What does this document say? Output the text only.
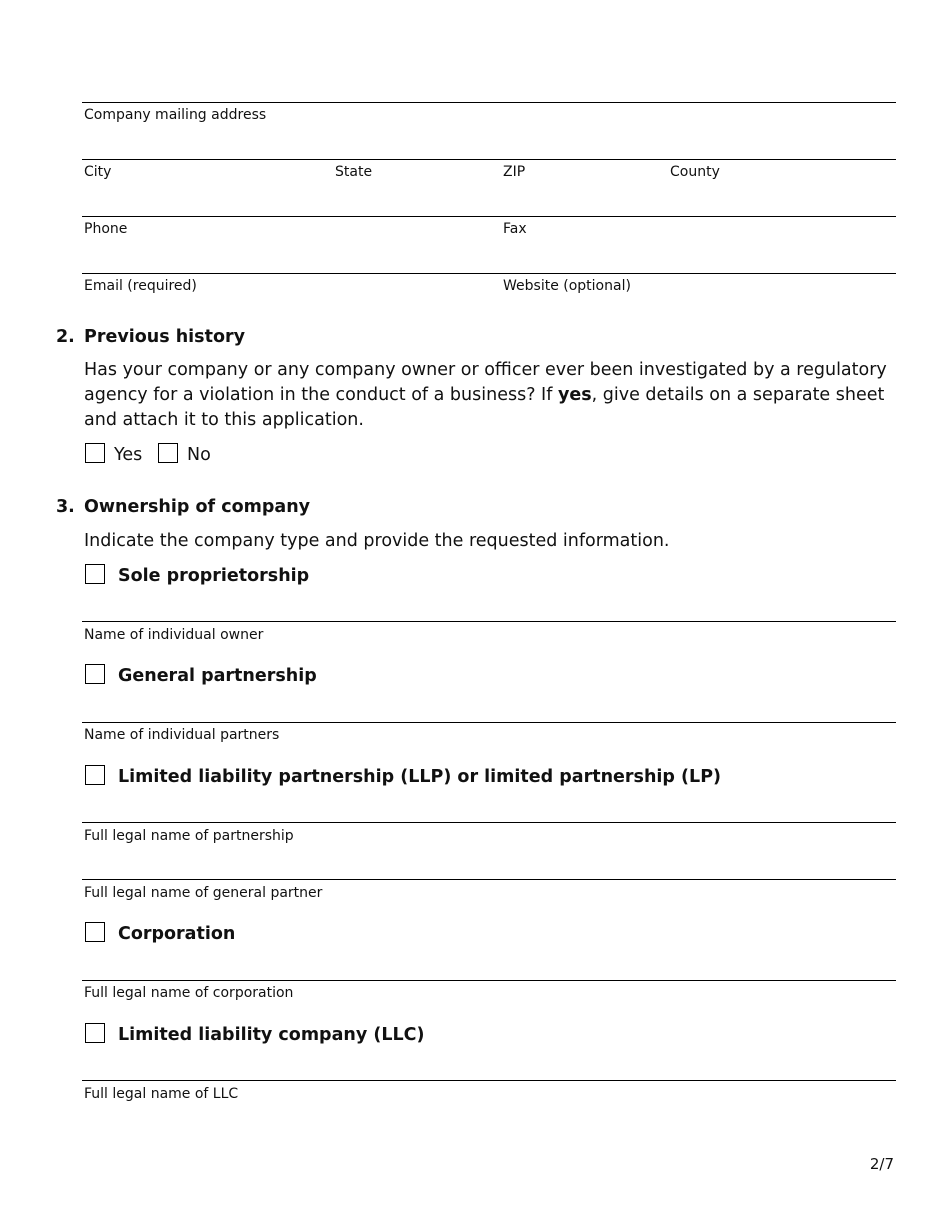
Company mailing address
City	State	ZIP	County
Phone	Fax
Email (required)	Website (optional)
2. Previous history
Has your company or any company owner or officer ever been investigated by a regulatory agency for a violation in the conduct of a business? If yes, give details on a separate sheet and attach it to this application.
Yes	No
3. Ownership of company
Indicate the company type and provide the requested information.
Sole proprietorship
Name of individual owner
General partnership
Name of individual partners
Limited liability partnership (LLP) or limited partnership (LP)
Full legal name of partnership
Full legal name of general partner
Corporation
Full legal name of corporation
Limited liability company (LLC)
Full legal name of LLC
2/7
